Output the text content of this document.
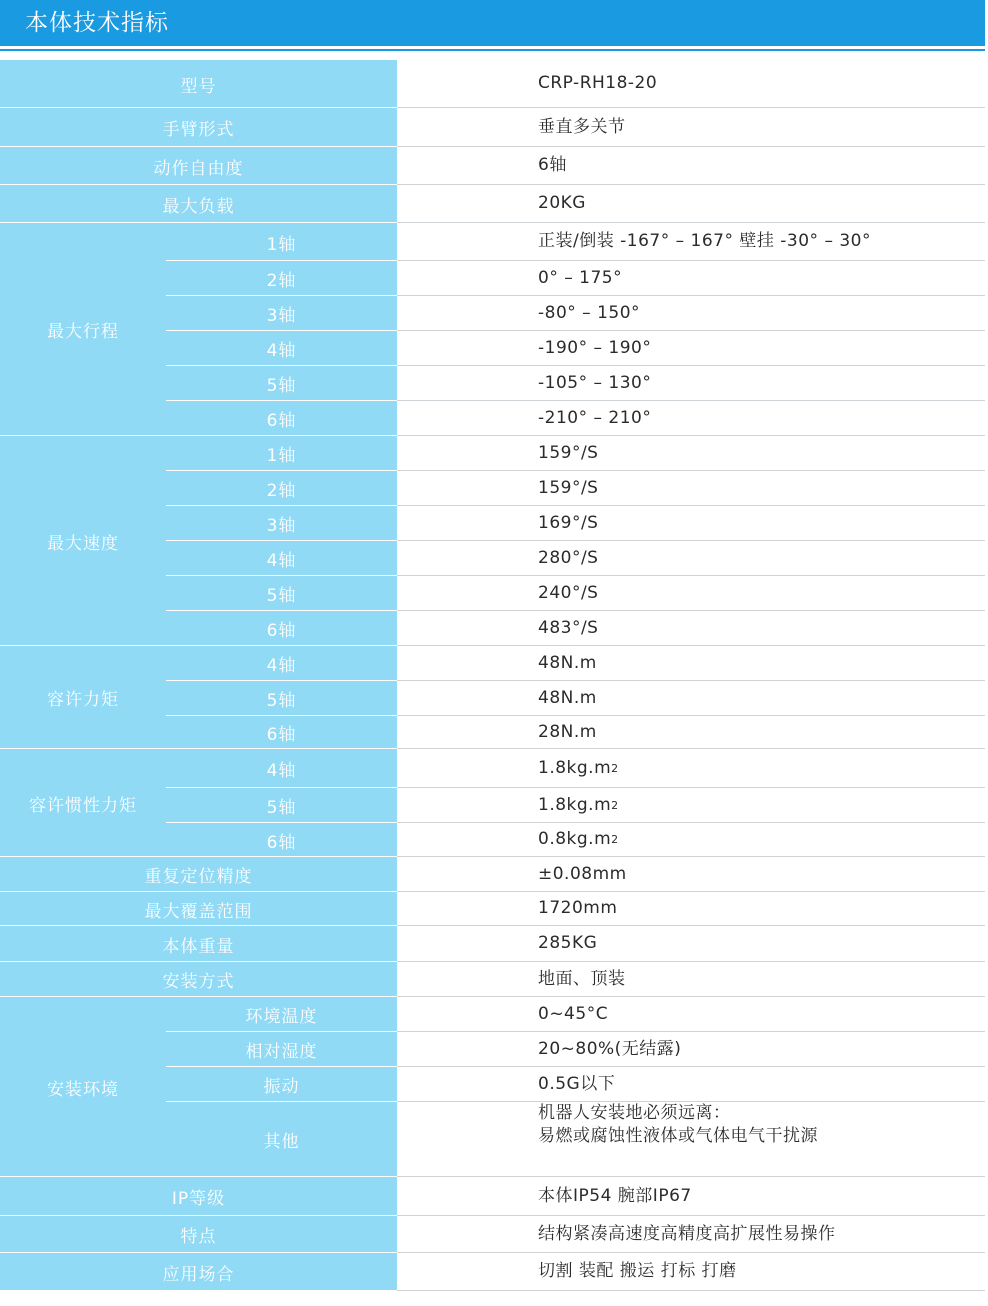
本体技术指标
型号	CRP-RH18-20
手臂形式	垂直多关节
动作自由度	6轴
最大负载	20KG
最大行程
1轴	正装/倒装 -167° – 167° 壁挂 -30° – 30°
2轴	0° – 175°
3轴	-80° – 150°
4轴	-190° – 190°
5轴	-105° – 130°
6轴	-210° – 210°
最大速度
1轴	159°/S
2轴	159°/S
3轴	169°/S
4轴	280°/S
5轴	240°/S
6轴	483°/S
容许力矩
4轴	48N.m
5轴	48N.m
6轴	28N.m
容许惯性力矩
4轴	1.8kg.m 2
5轴	1.8kg.m 2
6轴	0.8kg.m 2
重复定位精度	±0.08mm
最大覆盖范围	1720mm
本体重量	285KG
安装方式	地面、顶装
安装环境
环境温度	0~45°C
相对湿度	20~80%(无结露)
振动	0.5G以下
其他
机器人安装地必须远离：
易燃或腐蚀性液体或气体电气干扰源
IP等级	本体IP54 腕部IP67
特点	结构紧凑高速度高精度高扩展性易操作
应用场合	切割 装配 搬运 打标 打磨
